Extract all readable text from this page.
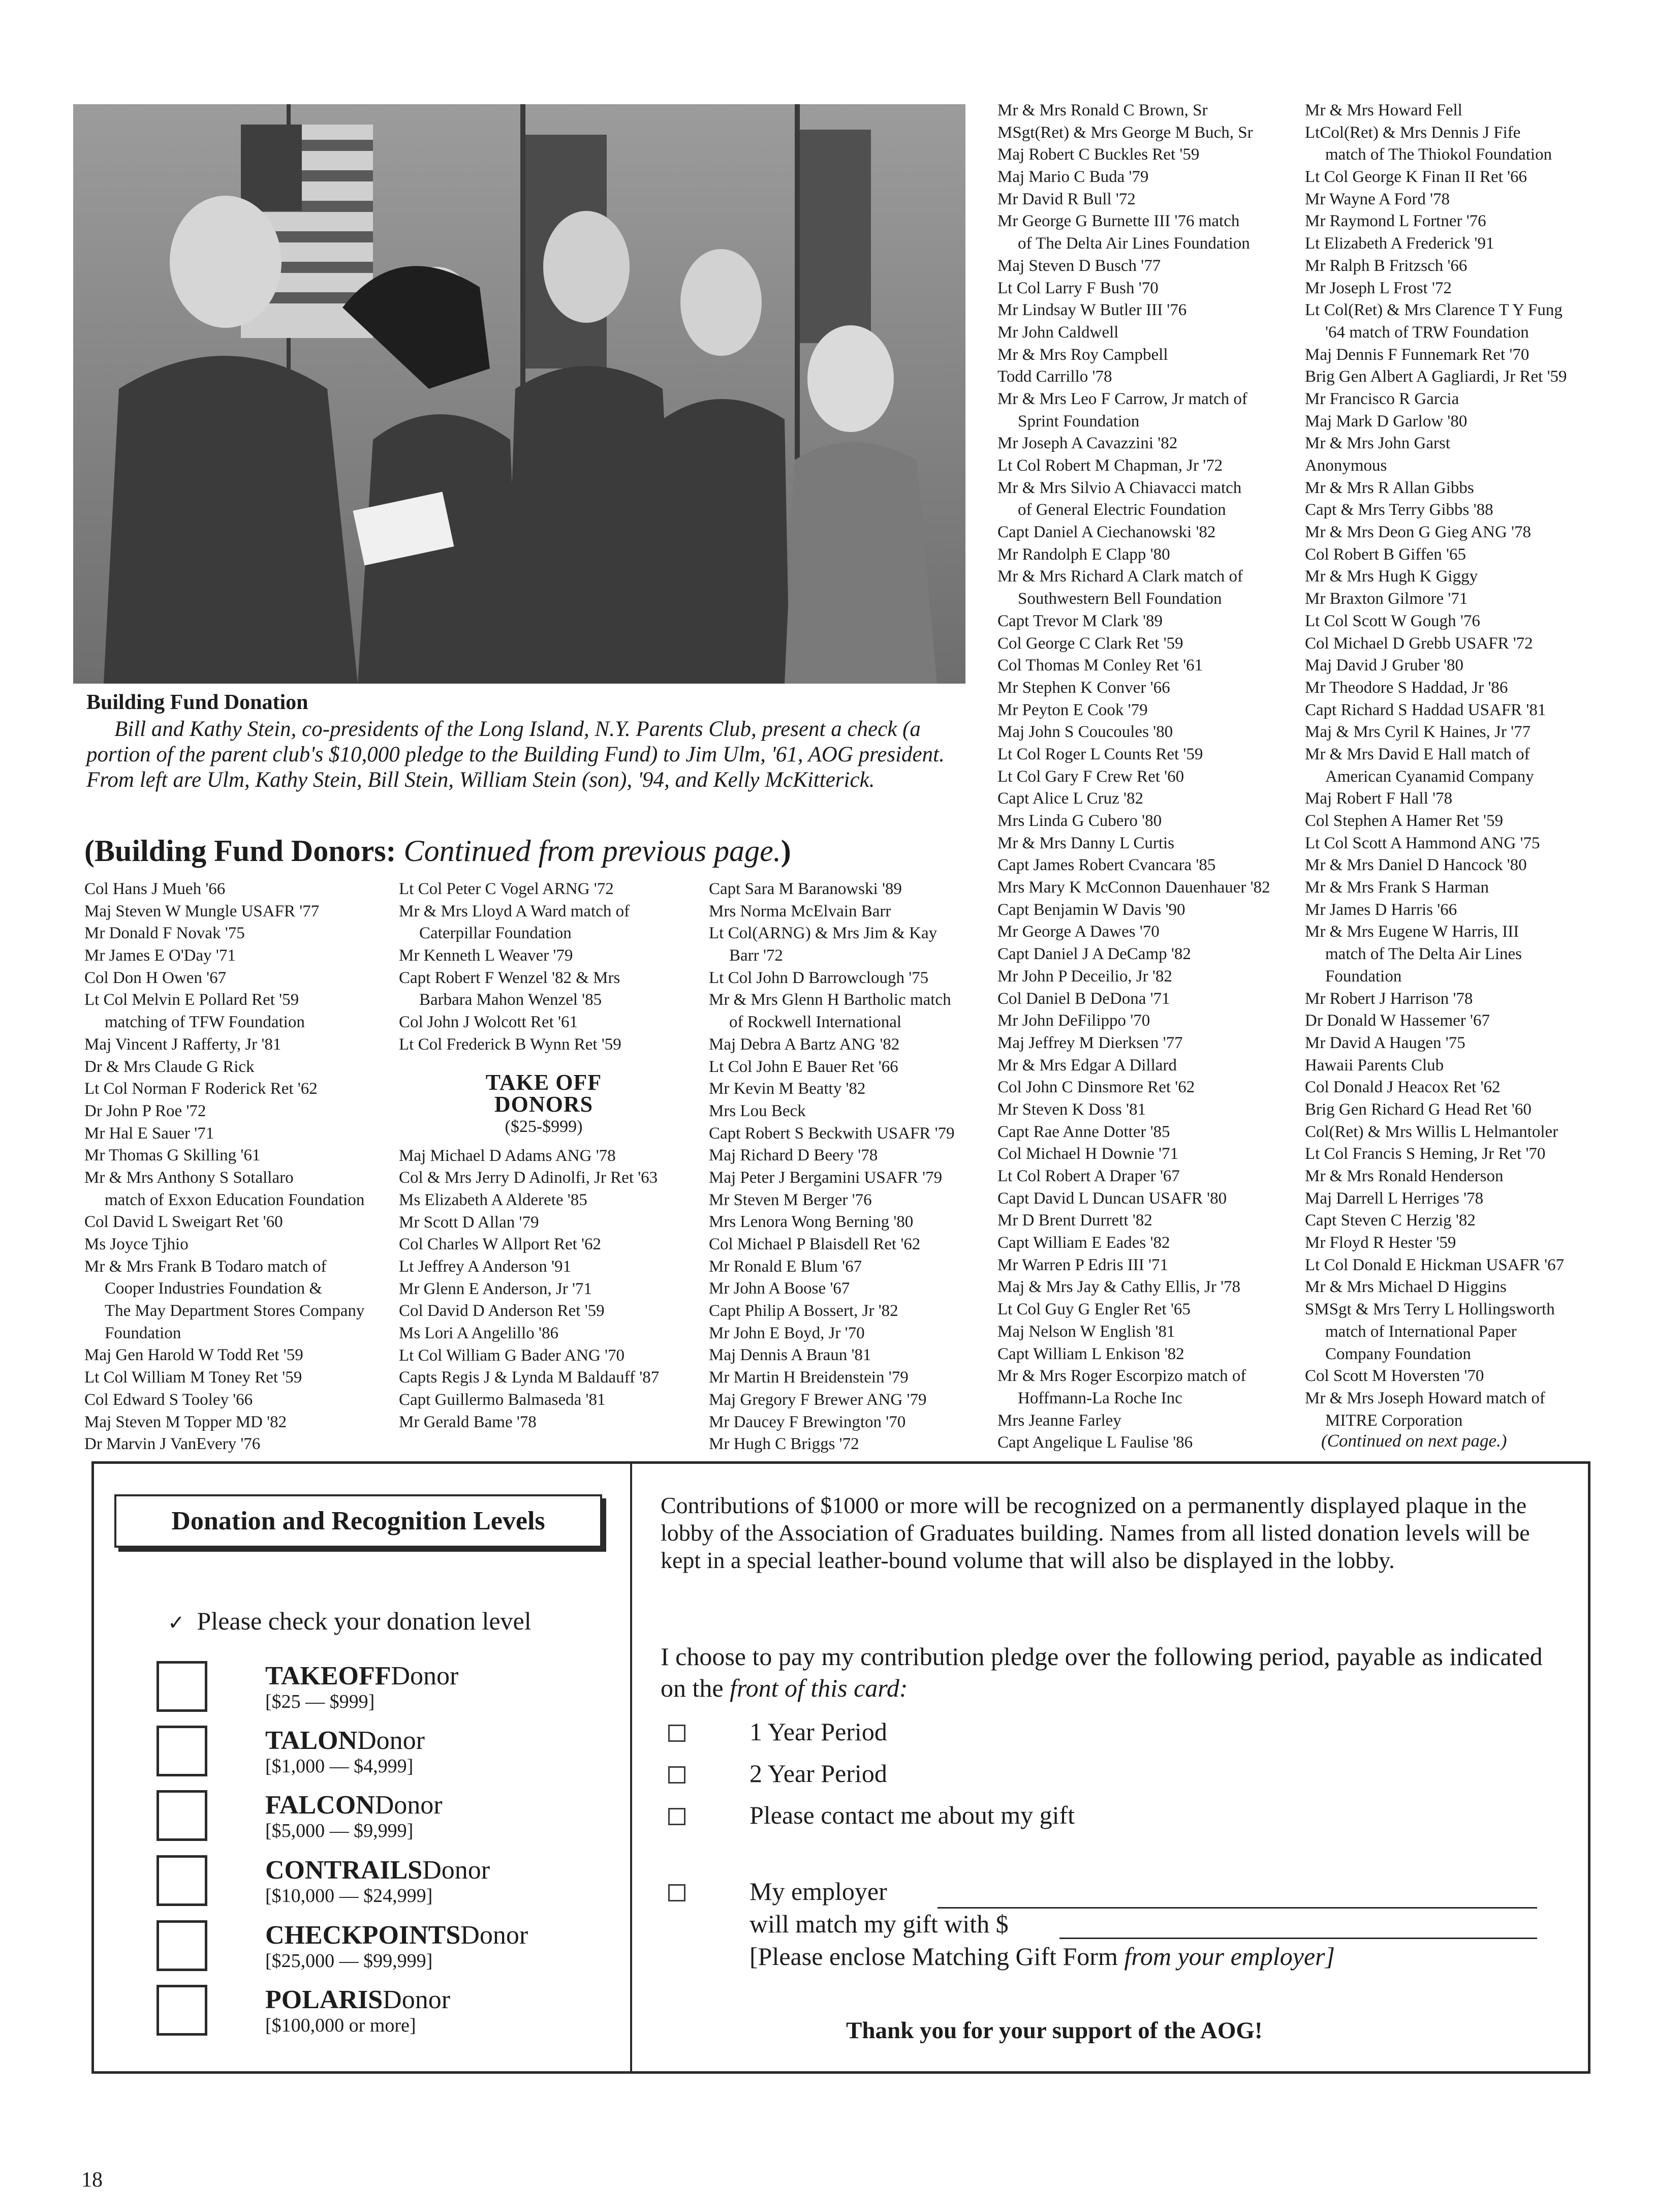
Building Fund Donation
Bill and Kathy Stein, co-presidents of the Long Island, N.Y. Parents Club, present a check (a portion of the parent club's $10,000 pledge to the Building Fund) to Jim Ulm, '61, AOG president. From left are Ulm, Kathy Stein, Bill Stein, William Stein (son), '94, and Kelly McKitterick.
(Building Fund Donors: Continued from previous page.)
Col Hans J Mueh '66
Maj Steven W Mungle USAFR '77
Mr Donald F Novak '75
Mr James E O'Day '71
Col Don H Owen '67
Lt Col Melvin E Pollard Ret '59
matching of TFW Foundation
Maj Vincent J Rafferty, Jr '81
Dr & Mrs Claude G Rick
Lt Col Norman F Roderick Ret '62
Dr John P Roe '72
Mr Hal E Sauer '71
Mr Thomas G Skilling '61
Mr & Mrs Anthony S Sotallaro
match of Exxon Education Foundation
Col David L Sweigart Ret '60
Ms Joyce Tjhio
Mr & Mrs Frank B Todaro match of
Cooper Industries Foundation &
The May Department Stores Company
Foundation
Maj Gen Harold W Todd Ret '59
Lt Col William M Toney Ret '59
Col Edward S Tooley '66
Maj Steven M Topper MD '82
Dr Marvin J VanEvery '76
Lt Col Peter C Vogel ARNG '72
Mr & Mrs Lloyd A Ward match of
Caterpillar Foundation
Mr Kenneth L Weaver '79
Capt Robert F Wenzel '82 & Mrs
Barbara Mahon Wenzel '85
Col John J Wolcott Ret '61
Lt Col Frederick B Wynn Ret '59
TAKE OFF
DONORS
($25-$999)
Maj Michael D Adams ANG '78
Col & Mrs Jerry D Adinolfi, Jr Ret '63
Ms Elizabeth A Alderete '85
Mr Scott D Allan '79
Col Charles W Allport Ret '62
Lt Jeffrey A Anderson '91
Mr Glenn E Anderson, Jr '71
Col David D Anderson Ret '59
Ms Lori A Angelillo '86
Lt Col William G Bader ANG '70
Capts Regis J & Lynda M Baldauff '87
Capt Guillermo Balmaseda '81
Mr Gerald Bame '78
Capt Sara M Baranowski '89
Mrs Norma McElvain Barr
Lt Col(ARNG) & Mrs Jim & Kay
Barr '72
Lt Col John D Barrowclough '75
Mr & Mrs Glenn H Bartholic match
of Rockwell International
Maj Debra A Bartz ANG '82
Lt Col John E Bauer Ret '66
Mr Kevin M Beatty '82
Mrs Lou Beck
Capt Robert S Beckwith USAFR '79
Maj Richard D Beery '78
Maj Peter J Bergamini USAFR '79
Mr Steven M Berger '76
Mrs Lenora Wong Berning '80
Col Michael P Blaisdell Ret '62
Mr Ronald E Blum '67
Mr John A Boose '67
Capt Philip A Bossert, Jr '82
Mr John E Boyd, Jr '70
Maj Dennis A Braun '81
Mr Martin H Breidenstein '79
Maj Gregory F Brewer ANG '79
Mr Daucey F Brewington '70
Mr Hugh C Briggs '72
Mr & Mrs Ronald C Brown, Sr
MSgt(Ret) & Mrs George M Buch, Sr
Maj Robert C Buckles Ret '59
Maj Mario C Buda '79
Mr David R Bull '72
Mr George G Burnette III '76 match
of The Delta Air Lines Foundation
Maj Steven D Busch '77
Lt Col Larry F Bush '70
Mr Lindsay W Butler III '76
Mr John Caldwell
Mr & Mrs Roy Campbell
Todd Carrillo '78
Mr & Mrs Leo F Carrow, Jr match of
Sprint Foundation
Mr Joseph A Cavazzini '82
Lt Col Robert M Chapman, Jr '72
Mr & Mrs Silvio A Chiavacci match
of General Electric Foundation
Capt Daniel A Ciechanowski '82
Mr Randolph E Clapp '80
Mr & Mrs Richard A Clark match of
Southwestern Bell Foundation
Capt Trevor M Clark '89
Col George C Clark Ret '59
Col Thomas M Conley Ret '61
Mr Stephen K Conver '66
Mr Peyton E Cook '79
Maj John S Coucoules '80
Lt Col Roger L Counts Ret '59
Lt Col Gary F Crew Ret '60
Capt Alice L Cruz '82
Mrs Linda G Cubero '80
Mr & Mrs Danny L Curtis
Capt James Robert Cvancara '85
Mrs Mary K McConnon Dauenhauer '82
Capt Benjamin W Davis '90
Mr George A Dawes '70
Capt Daniel J A DeCamp '82
Mr John P Deceilio, Jr '82
Col Daniel B DeDona '71
Mr John DeFilippo '70
Maj Jeffrey M Dierksen '77
Mr & Mrs Edgar A Dillard
Col John C Dinsmore Ret '62
Mr Steven K Doss '81
Capt Rae Anne Dotter '85
Col Michael H Downie '71
Lt Col Robert A Draper '67
Capt David L Duncan USAFR '80
Mr D Brent Durrett '82
Capt William E Eades '82
Mr Warren P Edris III '71
Maj & Mrs Jay & Cathy Ellis, Jr '78
Lt Col Guy G Engler Ret '65
Maj Nelson W English '81
Capt William L Enkison '82
Mr & Mrs Roger Escorpizo match of
Hoffmann-La Roche Inc
Mrs Jeanne Farley
Capt Angelique L Faulise '86
Mr & Mrs Howard Fell
LtCol(Ret) & Mrs Dennis J Fife
match of The Thiokol Foundation
Lt Col George K Finan II Ret '66
Mr Wayne A Ford '78
Mr Raymond L Fortner '76
Lt Elizabeth A Frederick '91
Mr Ralph B Fritzsch '66
Mr Joseph L Frost '72
Lt Col(Ret) & Mrs Clarence T Y Fung
'64 match of TRW Foundation
Maj Dennis F Funnemark Ret '70
Brig Gen Albert A Gagliardi, Jr Ret '59
Mr Francisco R Garcia
Maj Mark D Garlow '80
Mr & Mrs John Garst
Anonymous
Mr & Mrs R Allan Gibbs
Capt & Mrs Terry Gibbs '88
Mr & Mrs Deon G Gieg ANG '78
Col Robert B Giffen '65
Mr & Mrs Hugh K Giggy
Mr Braxton Gilmore '71
Lt Col Scott W Gough '76
Col Michael D Grebb USAFR '72
Maj David J Gruber '80
Mr Theodore S Haddad, Jr '86
Capt Richard S Haddad USAFR '81
Maj & Mrs Cyril K Haines, Jr '77
Mr & Mrs David E Hall match of
American Cyanamid Company
Maj Robert F Hall '78
Col Stephen A Hamer Ret '59
Lt Col Scott A Hammond ANG '75
Mr & Mrs Daniel D Hancock '80
Mr & Mrs Frank S Harman
Mr James D Harris '66
Mr & Mrs Eugene W Harris, III
match of The Delta Air Lines
Foundation
Mr Robert J Harrison '78
Dr Donald W Hassemer '67
Mr David A Haugen '75
Hawaii Parents Club
Col Donald J Heacox Ret '62
Brig Gen Richard G Head Ret '60
Col(Ret) & Mrs Willis L Helmantoler
Lt Col Francis S Heming, Jr Ret '70
Mr & Mrs Ronald Henderson
Maj Darrell L Herriges '78
Capt Steven C Herzig '82
Mr Floyd R Hester '59
Lt Col Donald E Hickman USAFR '67
Mr & Mrs Michael D Higgins
SMSgt & Mrs Terry L Hollingsworth
match of International Paper
Company Foundation
Col Scott M Hoversten '70
Mr & Mrs Joseph Howard match of
MITRE Corporation
(Continued on next page.)
Donation and Recognition Levels
✓ Please check your donation level
TAKEOFFDonor
[$25 — $999]
TALONDonor
[$1,000 — $4,999]
FALCONDonor
[$5,000 — $9,999]
CONTRAILSDonor
[$10,000 — $24,999]
CHECKPOINTSDonor
[$25,000 — $99,999]
POLARISDonor
[$100,000 or more]
Contributions of $1000 or more will be recognized on a permanently displayed plaque in the lobby of the Association of Graduates building. Names from all listed donation levels will be kept in a special leather-bound volume that will also be displayed in the lobby.
I choose to pay my contribution pledge over the following period, payable as indicated on the front of this card:
1 Year Period
2 Year Period
Please contact me about my gift
My employer
will match my gift with $
[Please enclose Matching Gift Form from your employer]
Thank you for your support of the AOG!
18
